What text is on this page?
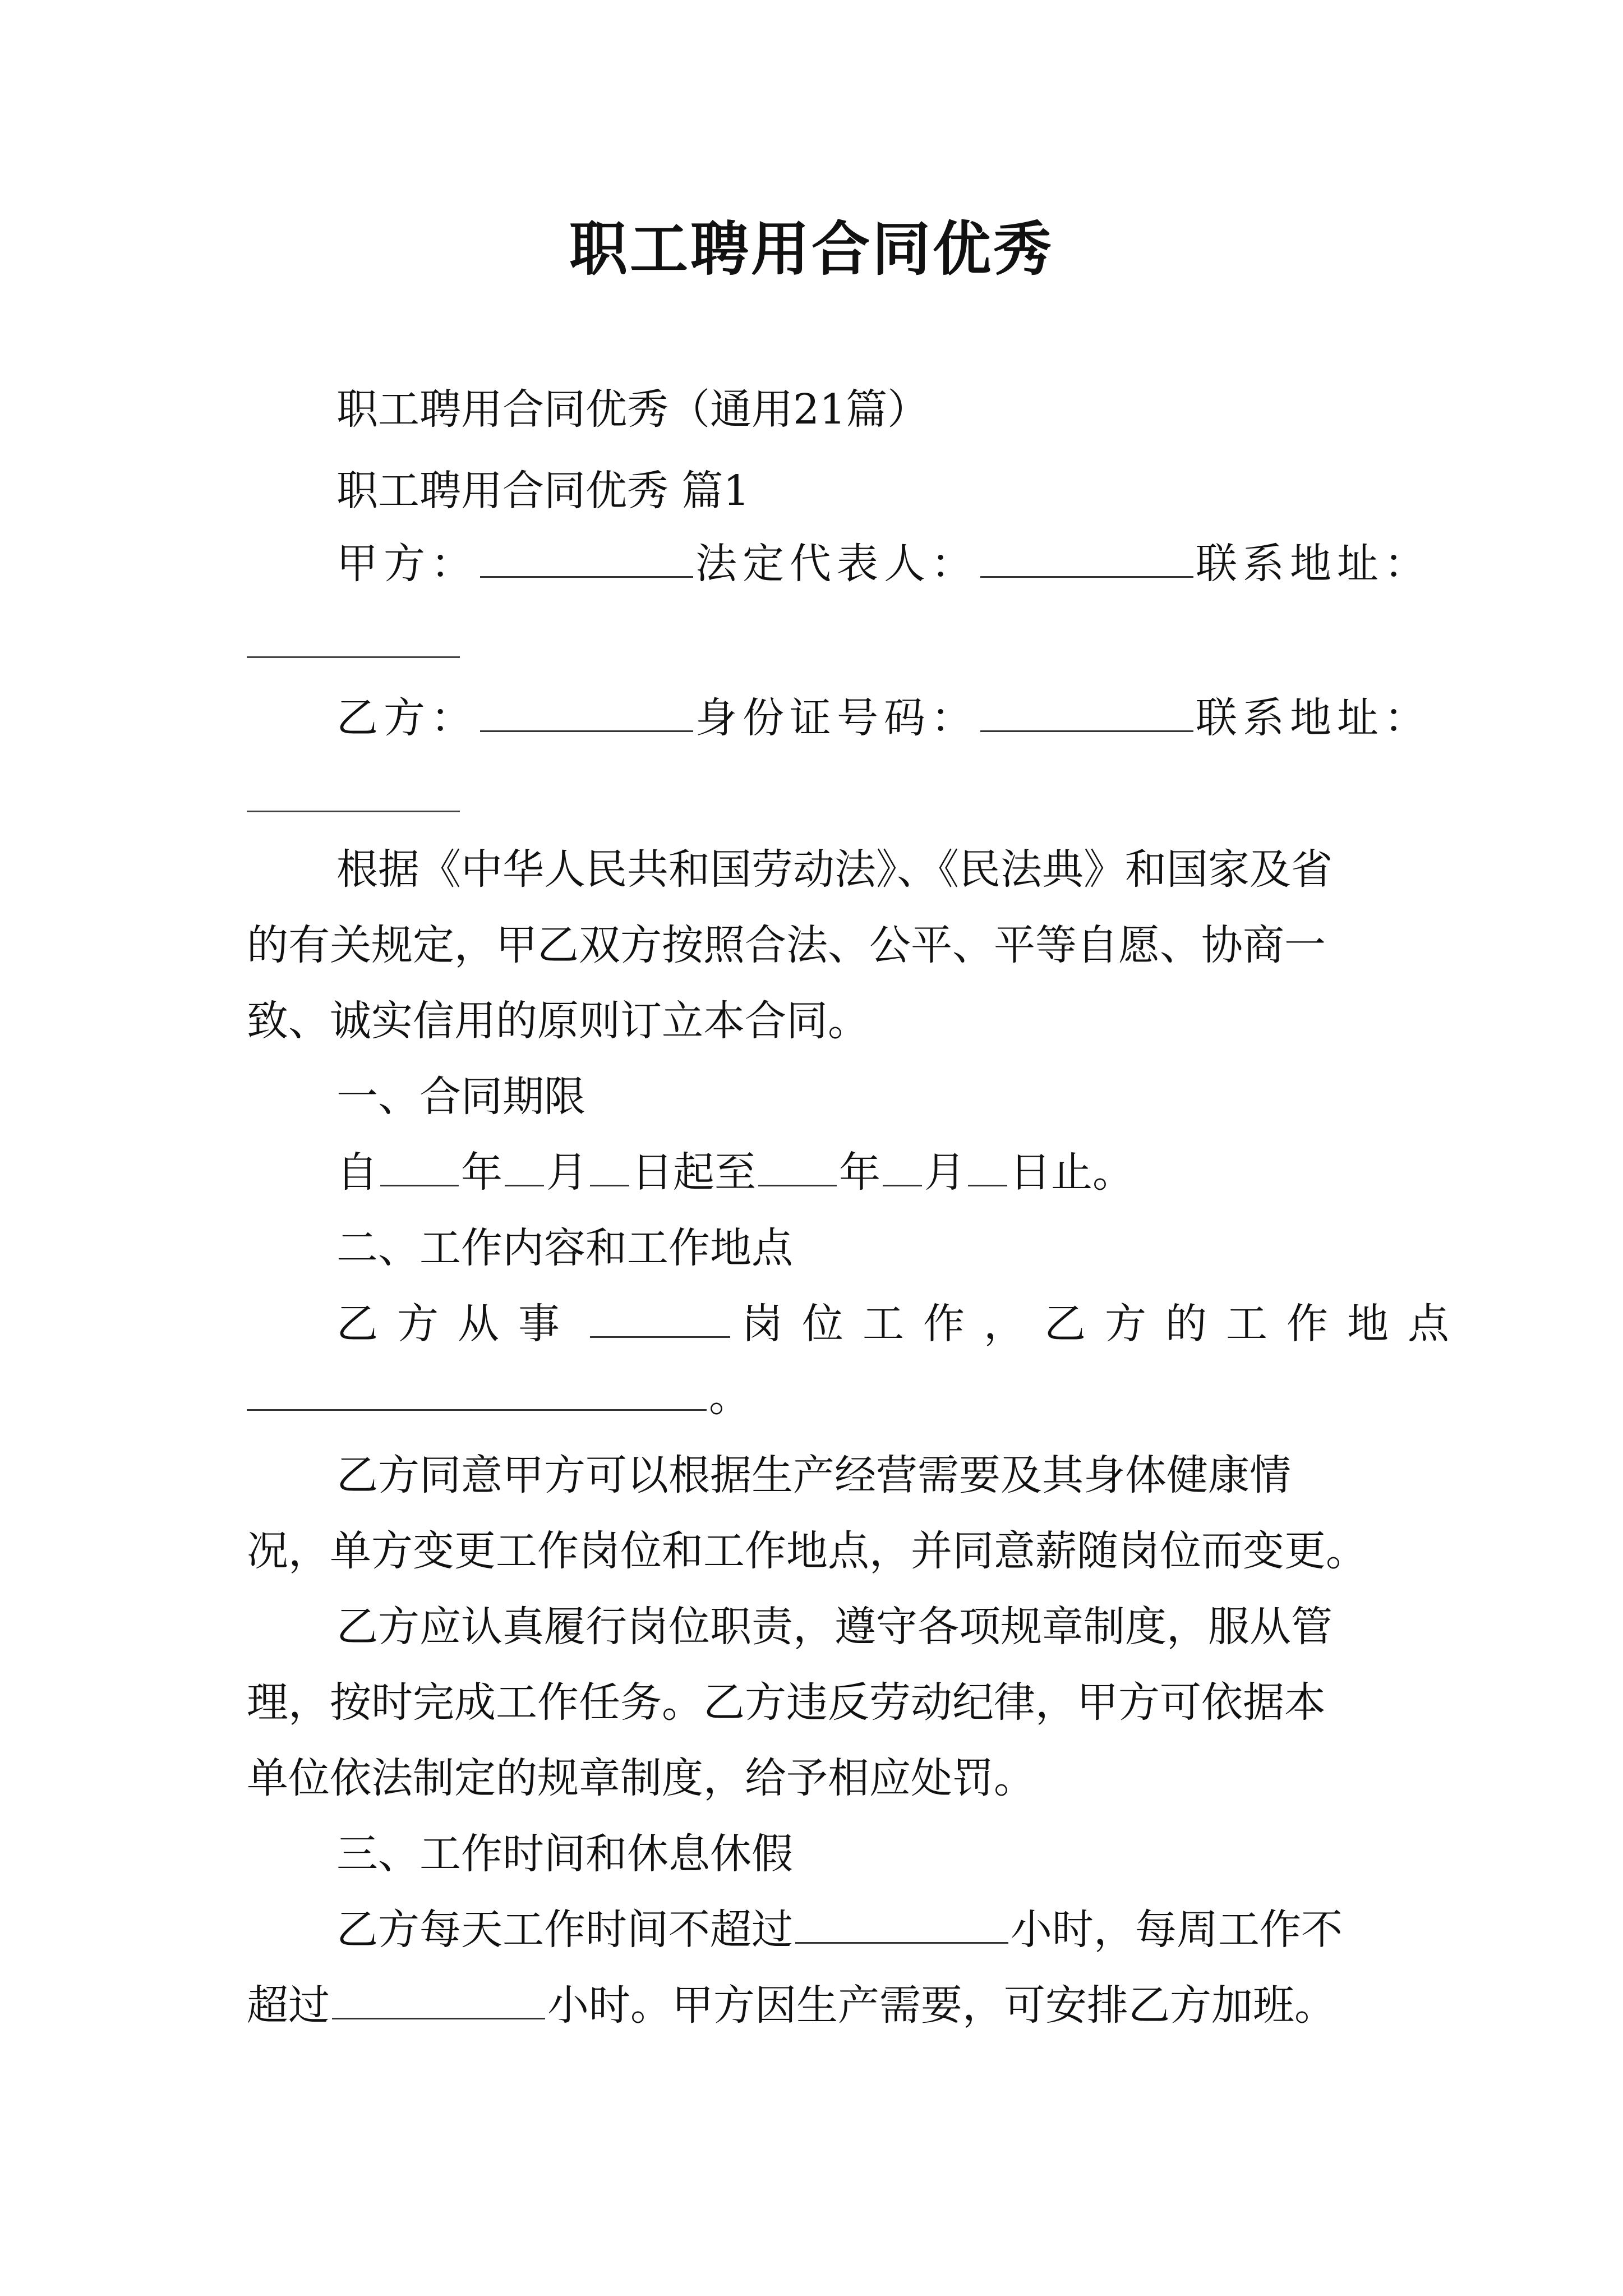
职工聘用合同优秀
职工聘用合同优秀（通用21篇）
职工聘用合同优秀 篇1
甲方：	法定代表人：	联系地址：
乙方：	身份证号码：	联系地址：
根据《中华人民共和国劳动法》、《民法典》和国家及省
的有关规定，甲乙双方按照合法、公平、平等自愿、协商一
致、诚实信用的原则订立本合同。
一、合同期限
自 年 月 日起至 年 月 日止。
二、工作内容和工作地点
乙方从事	岗位工作，乙方的工作地点
。
乙方同意甲方可以根据生产经营需要及其身体健康情
况，单方变更工作岗位和工作地点，并同意薪随岗位而变更。
乙方应认真履行岗位职责，遵守各项规章制度，服从管
理，按时完成工作任务。乙方违反劳动纪律，甲方可依据本
单位依法制定的规章制度，给予相应处罚。
三、工作时间和休息休假
乙方每天工作时间不超过	小时，每周工作不
超过	小时。甲方因生产需要，可安排乙方加班。
